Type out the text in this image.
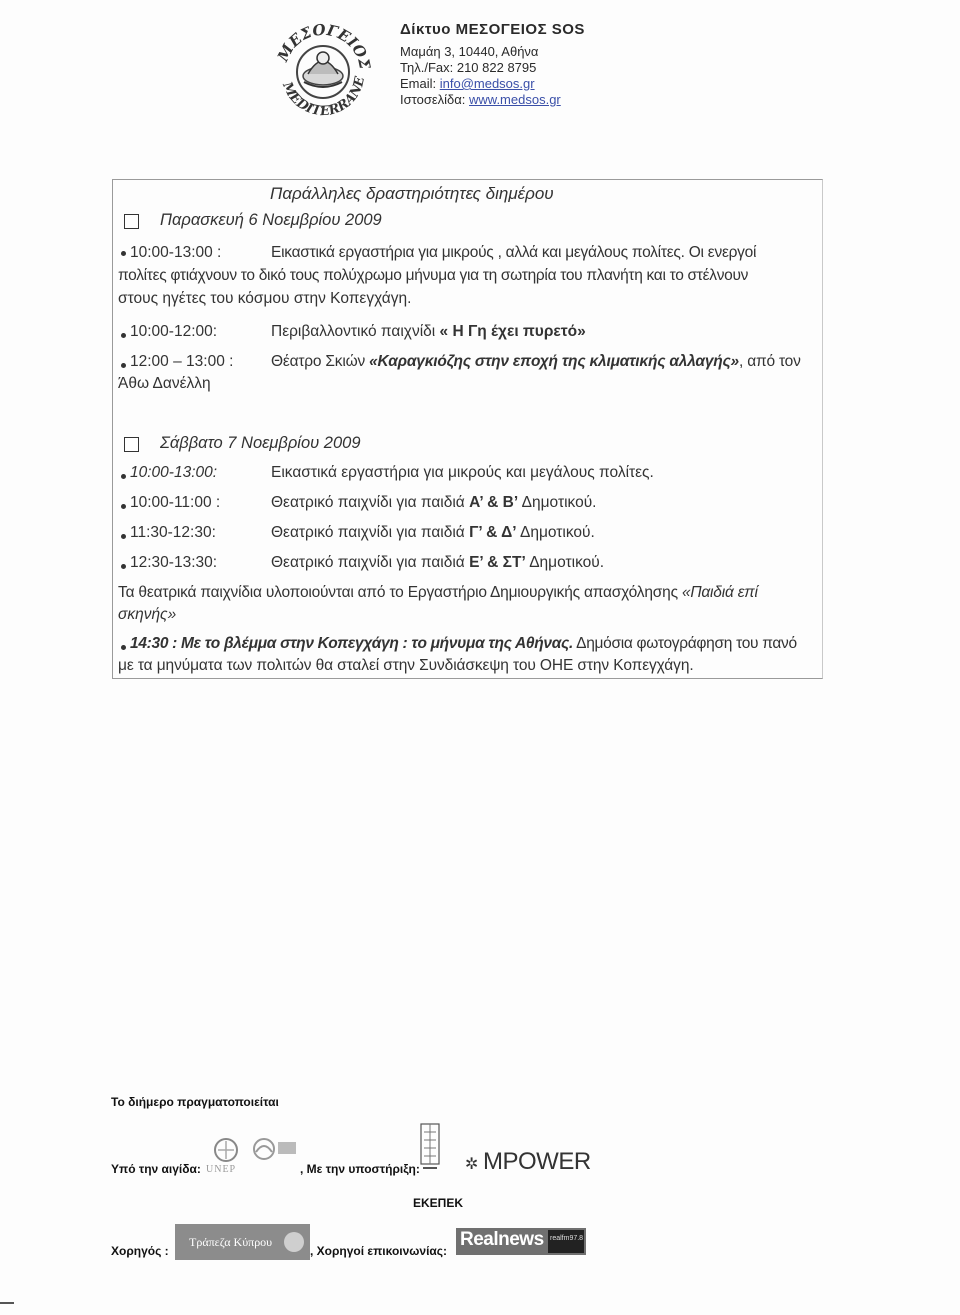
ΜΕΣΟΓΕΙΟΣ
MEDITERRANE
Δίκτυο ΜΕΣΟΓΕΙΟΣ SOS
Μαμάη 3, 10440, Αθήνα
Τηλ./Fax: 210 822 8795
Email: info@medsos.gr
Ιστοσελίδα: www.medsos.gr
Παράλληλες δραστηριότητες διημέρου
Παρασκευή 6 Νοεμβρίου 2009
10:00-13:00 :	Εικαστικά εργαστήρια για μικρούς , αλλά και μεγάλους πολίτες. Οι ενεργοί
πολίτες φτιάχνουν το δικό τους πολύχρωμο μήνυμα για τη σωτηρία του πλανήτη και το στέλνουν
στους ηγέτες του κόσμου στην Κοπεγχάγη.
10:00-12:00:	Περιβαλλοντικό παιχνίδι « Η Γη έχει πυρετό»
12:00 – 13:00 : Θέατρο Σκιών «Καραγκιόζης στην εποχή της κλιματικής αλλαγής», από τον
Άθω Δανέλλη
Σάββατο 7 Νοεμβρίου 2009
10:00-13:00:	Εικαστικά εργαστήρια για μικρούς και μεγάλους πολίτες.
10:00-11:00 :	Θεατρικό παιχνίδι για παιδιά Α’ & Β’ Δημοτικού.
11:30-12:30:	Θεατρικό παιχνίδι για παιδιά Γ’ & Δ’ Δημοτικού.
12:30-13:30:	Θεατρικό παιχνίδι για παιδιά Ε’ & ΣΤ’ Δημοτικού.
Τα θεατρικά παιχνίδια υλοποιούνται από το Εργαστήριο Δημιουργικής απασχόλησης «Παιδιά επί
σκηνής»
14:30 : Με το βλέμμα στην Κοπεγχάγη : το μήνυμα της Αθήνας. Δημόσια φωτογράφηση του πανό
με τα μηνύματα των πολιτών θα σταλεί στην Συνδιάσκεψη του ΟΗΕ στην Κοπεγχάγη.
Το διήμερο πραγματοποιείται
Υπό την αιγίδα: UNEP	, Με την υποστήριξη:
ΕΚΕΠΕΚ
✲ MPOWER
Χορηγός :
Τράπεζα Κύπρου
, Χορηγοί επικοινωνίας:
Realnews realfm97.8
